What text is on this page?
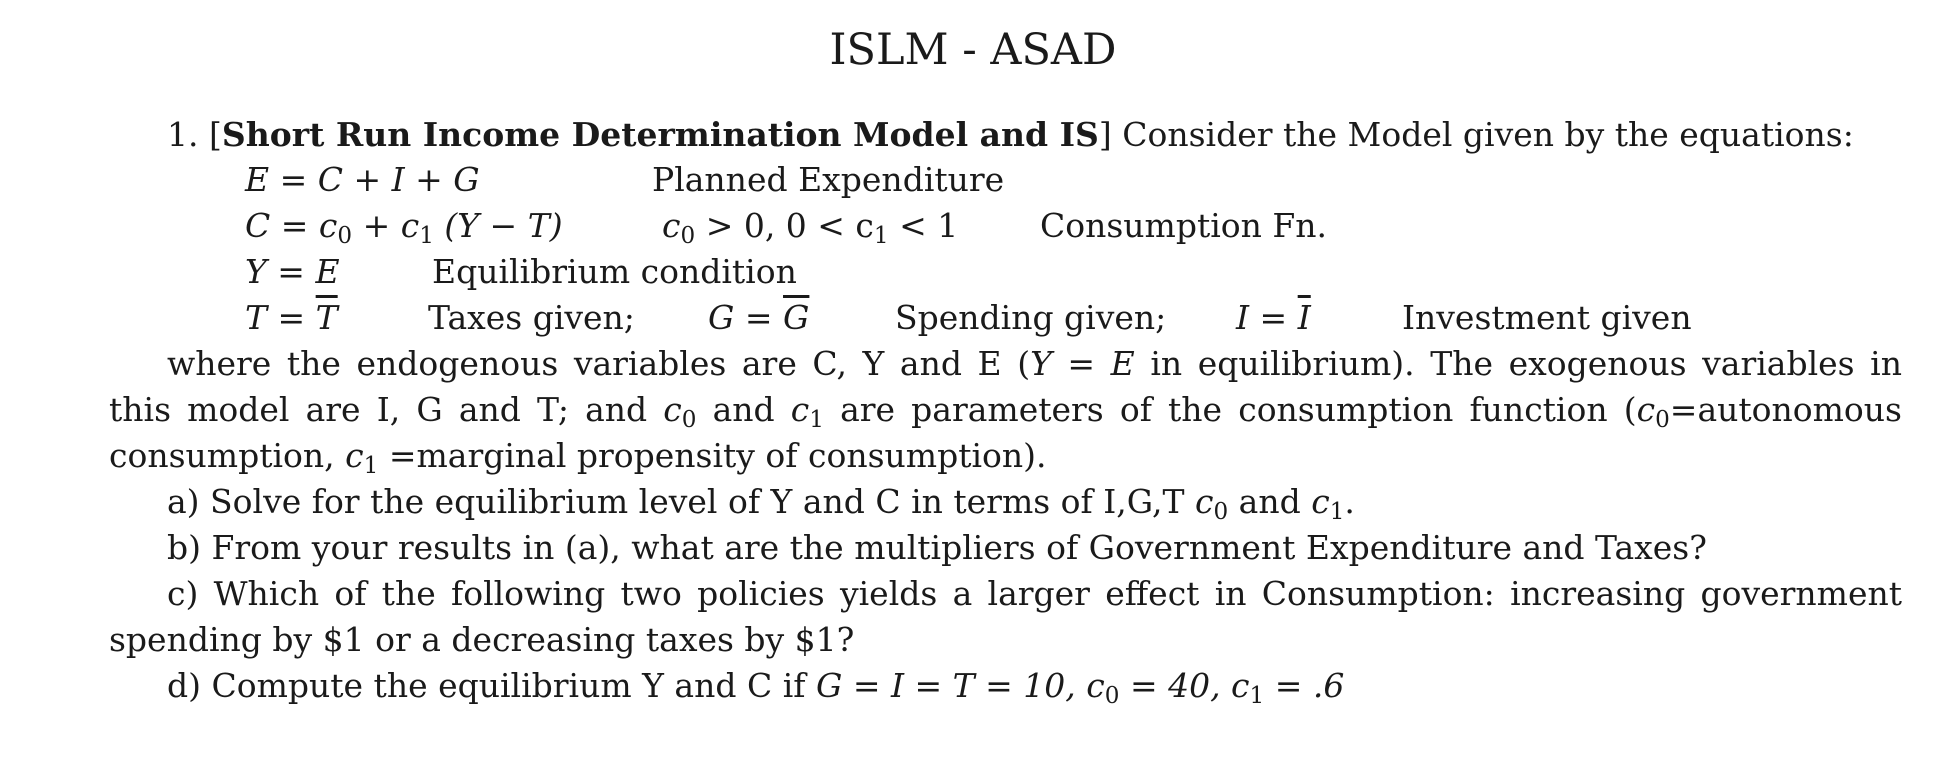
ISLM - ASAD
1. [Short Run Income Determination Model and IS] Consider the Model given by the equations:
E = C + I + G	Planned Expenditure
$C = c_0 + c_1$ (Y − T)	$c_0 > 0$, $0 < c_1 < 1$ Consumption Fn.
Y = E	Equilibrium condition
$T = \overline{T}$	Taxes given; $G = \overline{G}$	Spending given; $I = \overline{I}$	Investment given
where the endogenous variables are C, Y and E (Y = E in equilibrium). The exogenous variables in
this model are I, G and T; and $c_0$ and $c_1$ are parameters of the consumption function ($c_0=autonomous$
consumption, $c_1$ =marginal propensity of consumption).
a) Solve for the equilibrium level of Y and C in terms of I,G,T $c_0$ and $c_1$.
b) From your results in (a), what are the multipliers of Government Expenditure and Taxes?
c) Which of the following two policies yields a larger effect in Consumption: increasing government
spending by $1 or a decreasing taxes by $1?
d) Compute the equilibrium Y and C if G = I = T = 10, $c_0 = 40$, $c_1 = .6$
